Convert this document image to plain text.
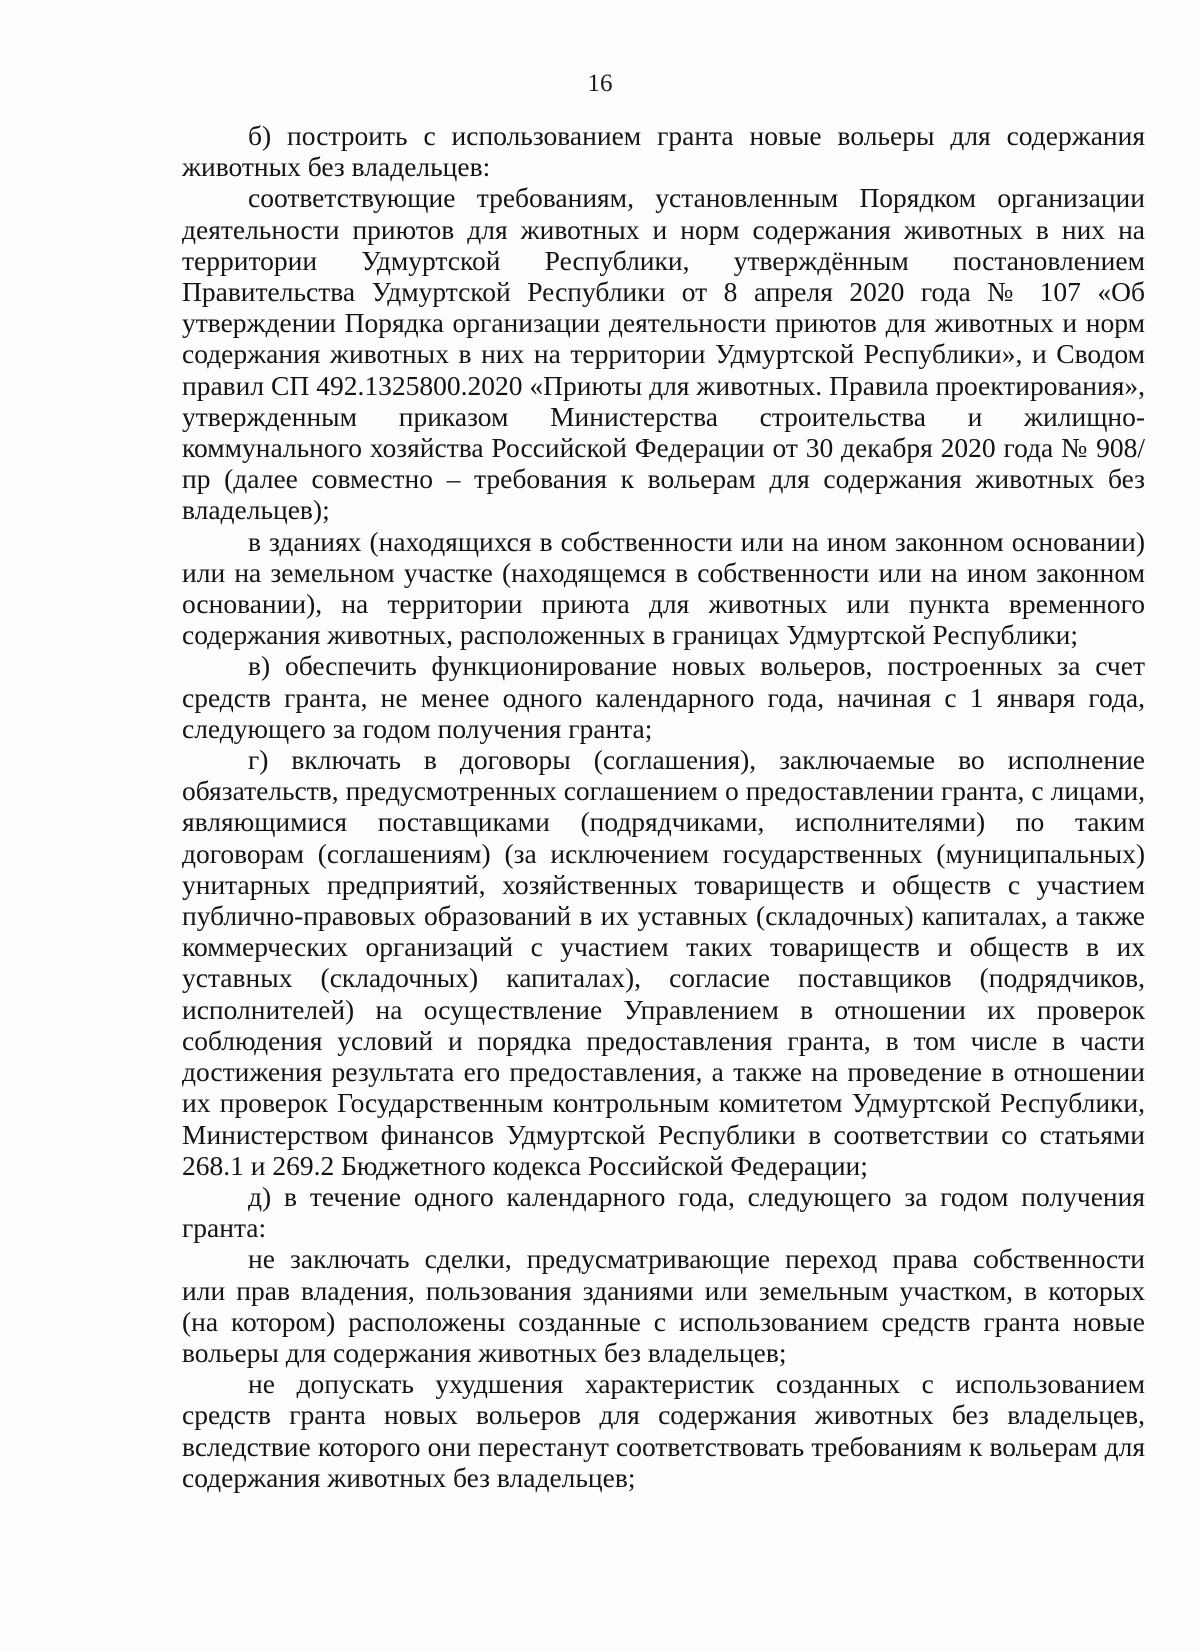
16

б) построить с использованием гранта новые вольеры для содержания животных без владельцев:

соответствующие требованиям, установленным Порядком организации деятельности приютов для животных и норм содержания животных в них на территории Удмуртской Республики, утверждённым постановлением Правительства Удмуртской Республики от 8 апреля 2020 года № 107 «Об утверждении Порядка организации деятельности приютов для животных и норм содержания животных в них на территории Удмуртской Республики», и Сводом правил СП 492.1325800.2020 «Приюты для животных. Правила проектирования», утвержденным приказом Министерства строительства и жилищно-коммунального хозяйства Российской Федерации от 30 декабря 2020 года № 908/пр (далее совместно – требования к вольерам для содержания животных без владельцев);

в зданиях (находящихся в собственности или на ином законном основании) или на земельном участке (находящемся в собственности или на ином законном основании), на территории приюта для животных или пункта временного содержания животных, расположенных в границах Удмуртской Республики;

в) обеспечить функционирование новых вольеров, построенных за счет средств гранта, не менее одного календарного года, начиная с 1 января года, следующего за годом получения гранта;

г) включать в договоры (соглашения), заключаемые во исполнение обязательств, предусмотренных соглашением о предоставлении гранта, с лицами, являющимися поставщиками (подрядчиками, исполнителями) по таким договорам (соглашениям) (за исключением государственных (муниципальных) унитарных предприятий, хозяйственных товариществ и обществ с участием публично-правовых образований в их уставных (складочных) капиталах, а также коммерческих организаций с участием таких товариществ и обществ в их уставных (складочных) капиталах), согласие поставщиков (подрядчиков, исполнителей) на осуществление Управлением в отношении их проверок соблюдения условий и порядка предоставления гранта, в том числе в части достижения результата его предоставления, а также на проведение в отношении их проверок Государственным контрольным комитетом Удмуртской Республики, Министерством финансов Удмуртской Республики в соответствии со статьями 268.1 и 269.2 Бюджетного кодекса Российской Федерации;

д) в течение одного календарного года, следующего за годом получения гранта:

не заключать сделки, предусматривающие переход права собственности или прав владения, пользования зданиями или земельным участком, в которых (на котором) расположены созданные с использованием средств гранта новые вольеры для содержания животных без владельцев;

не допускать ухудшения характеристик созданных с использованием средств гранта новых вольеров для содержания животных без владельцев, вследствие которого они перестанут соответствовать требованиям к вольерам для содержания животных без владельцев;
